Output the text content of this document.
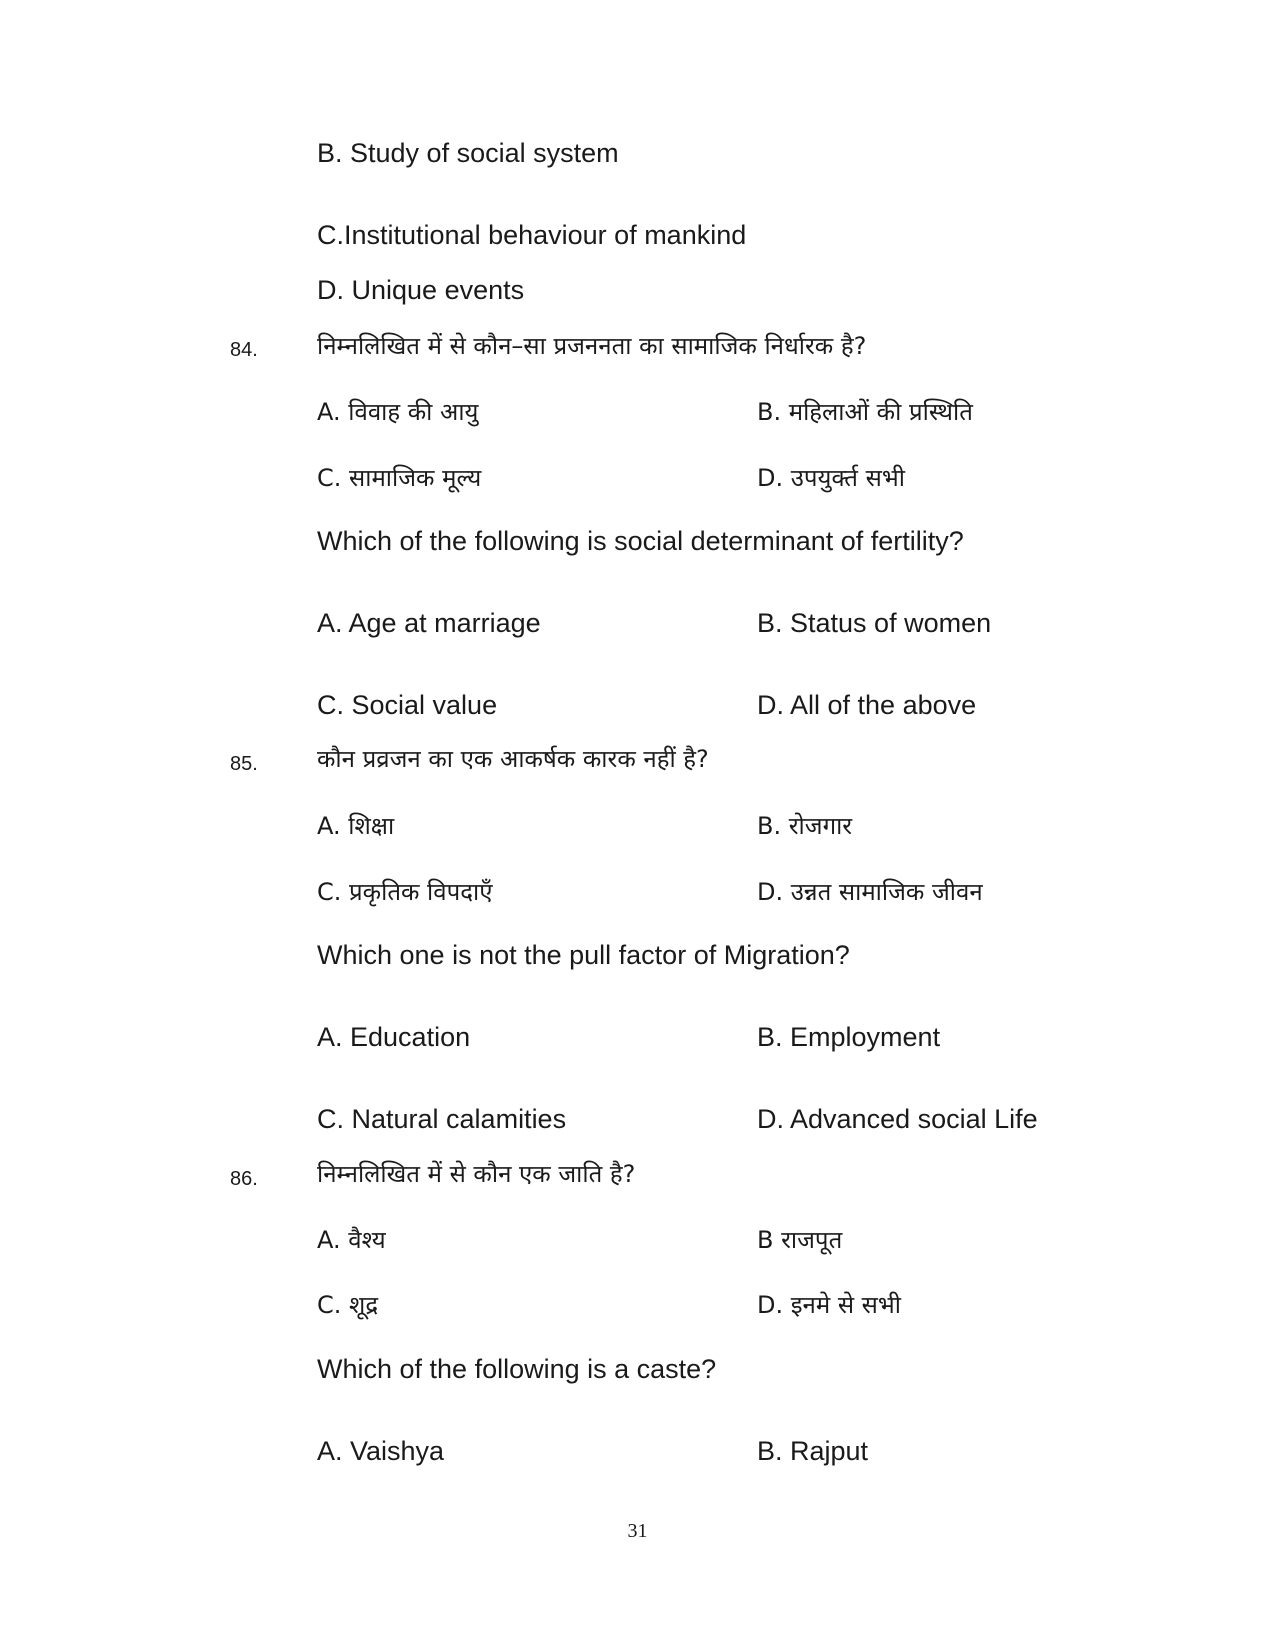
B. Study of social system
C.Institutional behaviour of mankind
D. Unique events
84. निम्नलिखित में से कौन–सा प्रजननता का सामाजिक निर्धारक है?
A. विवाह की आयु	B. महिलाओं की प्रस्थिति
C. सामाजिक मूल्य	D. उपयुर्क्त सभी
Which of the following is social determinant of fertility?
A. Age at marriage	B. Status of women
C. Social value	D. All of the above
85. कौन प्रव्रजन का एक आकर्षक कारक नहीं है?
A. शिक्षा	B. रोजगार
C. प्रकृतिक विपदाएँ	D. उन्नत सामाजिक जीवन
Which one is not the pull factor of Migration?
A. Education	B. Employment
C. Natural calamities	D. Advanced social Life
86. निम्नलिखित में से कौन एक जाति है?
A. वैश्य	B राजपूत
C. शूद्र	D. इनमे से सभी
Which of the following is a caste?
A. Vaishya	B. Rajput
31
